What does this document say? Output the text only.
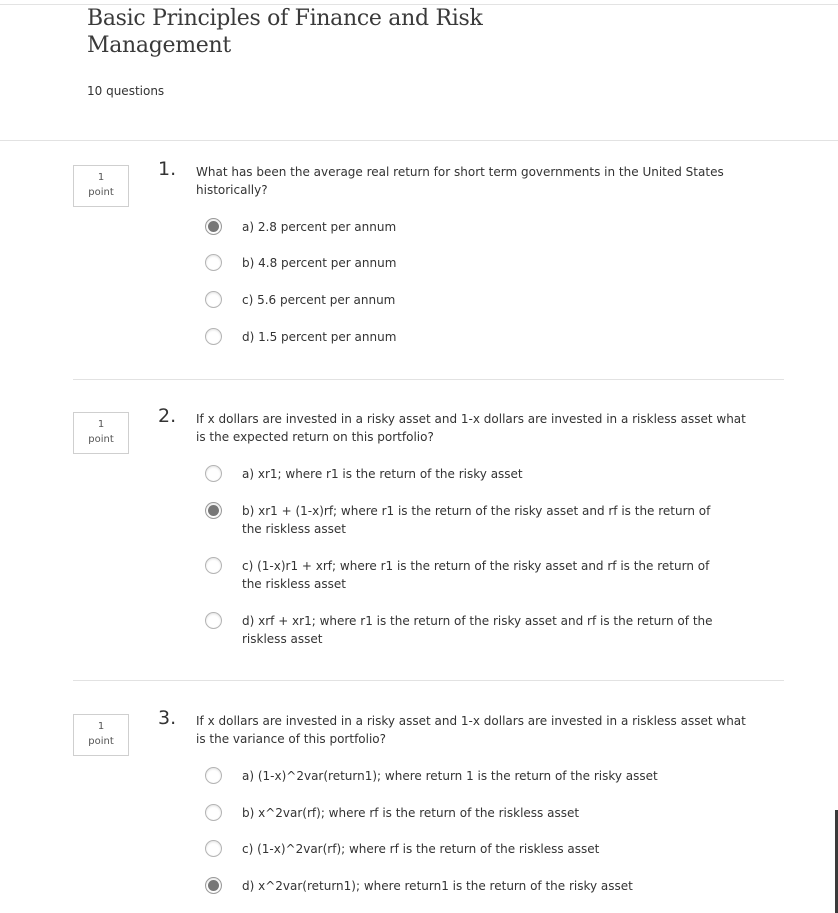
Basic Principles of Finance and Risk
Management
10 questions
1
point
1. What has been the average real return for short term governments in the United States historically?
a) 2.8 percent per annum
b) 4.8 percent per annum
c) 5.6 percent per annum
d) 1.5 percent per annum
1
point
2. If x dollars are invested in a risky asset and 1-x dollars are invested in a riskless asset what is the expected return on this portfolio?
a) xr1; where r1 is the return of the risky asset
b) xr1 + (1-x)rf; where r1 is the return of the risky asset and rf is the return of the riskless asset
c) (1-x)r1 + xrf; where r1 is the return of the risky asset and rf is the return of the riskless asset
d) xrf + xr1; where r1 is the return of the risky asset and rf is the return of the riskless asset
1
point
3. If x dollars are invested in a risky asset and 1-x dollars are invested in a riskless asset what is the variance of this portfolio?
a) (1-x)^2var(return1); where return 1 is the return of the risky asset
b) x^2var(rf); where rf is the return of the riskless asset
c) (1-x)^2var(rf); where rf is the return of the riskless asset
d) x^2var(return1); where return1 is the return of the risky asset
